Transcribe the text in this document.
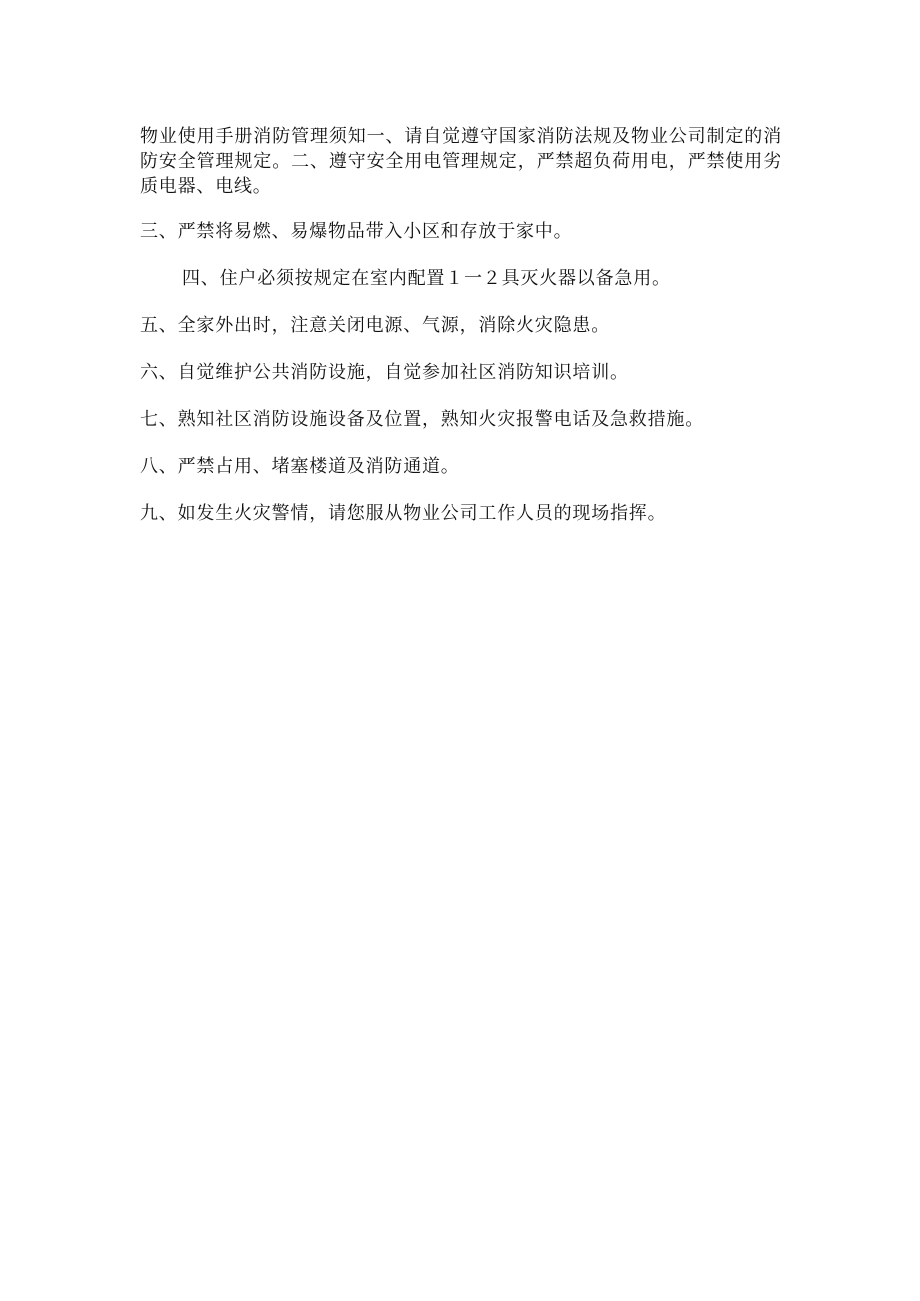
物业使用手册消防管理须知一、请自觉遵守国家消防法规及物业公司制定的消防安全管理规定。二、遵守安全用电管理规定，严禁超负荷用电，严禁使用劣质电器、电线。

三、严禁将易燃、易爆物品带入小区和存放于家中。

四、住户必须按规定在室内配置１一２具灭火器以备急用。

五、全家外出时，注意关闭电源、气源，消除火灾隐患。

六、自觉维护公共消防设施，自觉参加社区消防知识培训。

七、熟知社区消防设施设备及位置，熟知火灾报警电话及急救措施。

八、严禁占用、堵塞楼道及消防通道。

九、如发生火灾警情，请您服从物业公司工作人员的现场指挥。
